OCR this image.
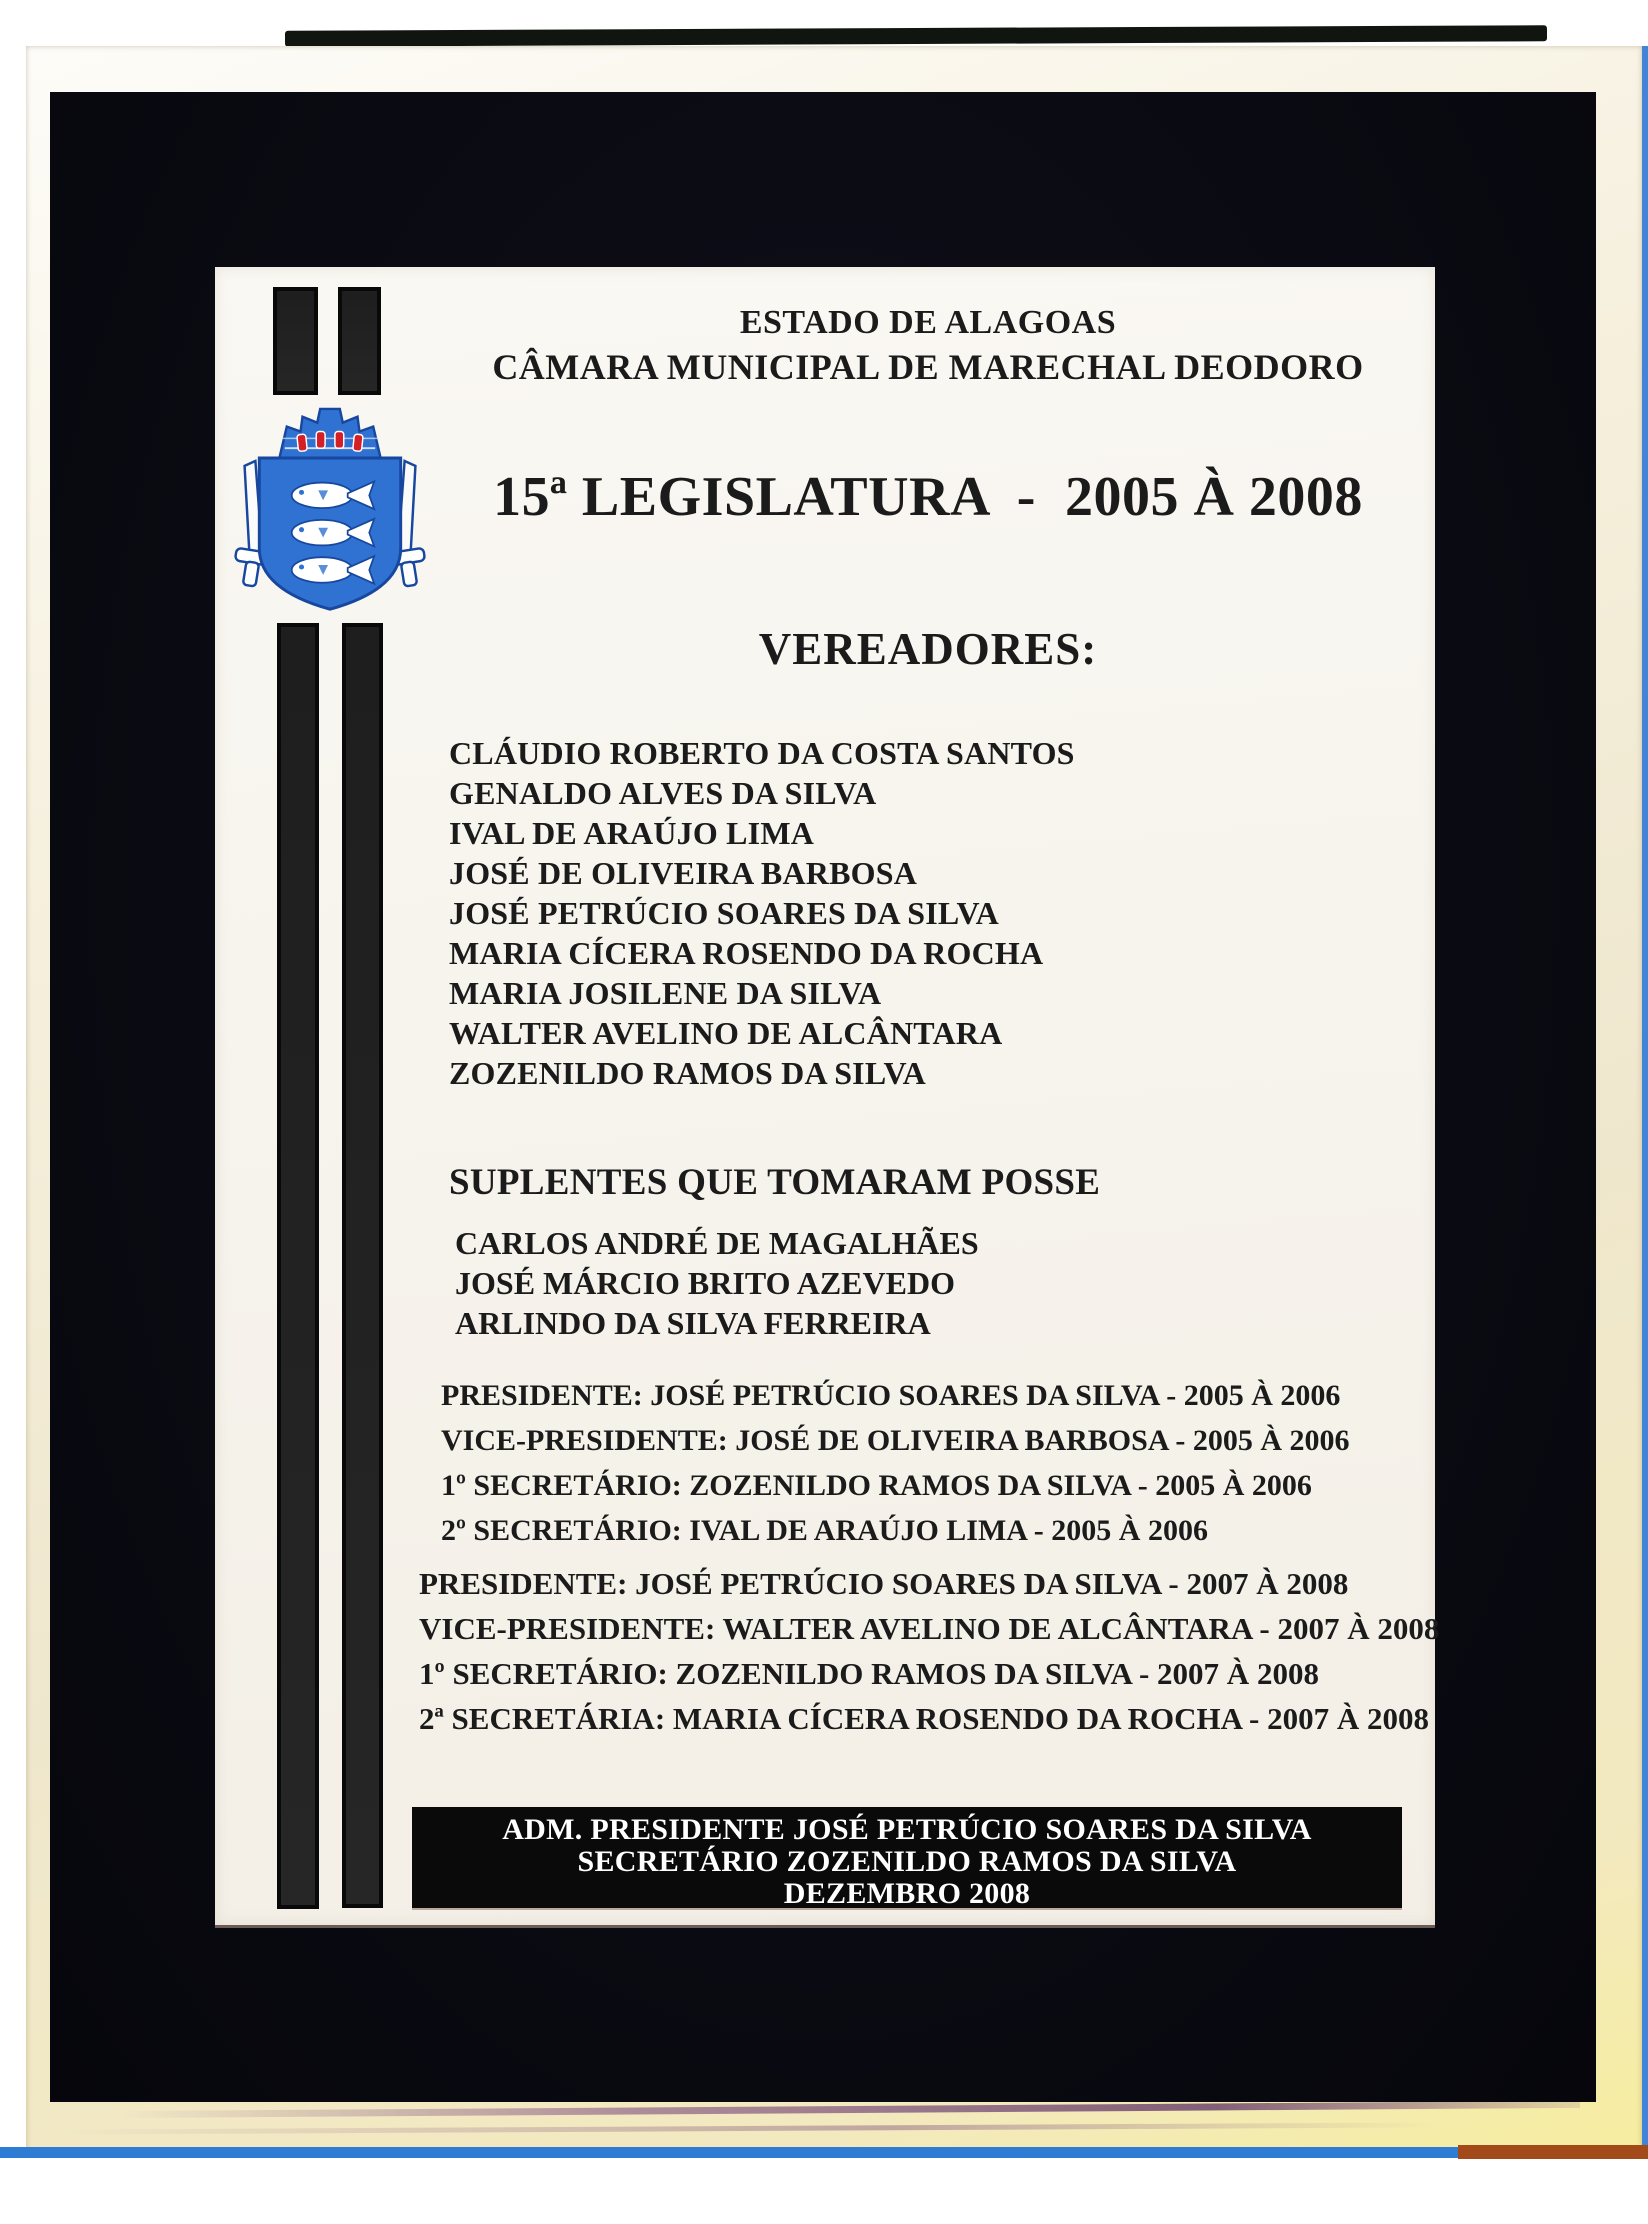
ESTADO DE ALAGOAS
CÂMARA MUNICIPAL DE MARECHAL DEODORO
15ª LEGISLATURA  -  2005 À 2008
VEREADORES:
CLÁUDIO ROBERTO DA COSTA SANTOS
GENALDO ALVES DA SILVA
IVAL DE ARAÚJO LIMA
JOSÉ DE OLIVEIRA BARBOSA
JOSÉ PETRÚCIO SOARES DA SILVA
MARIA CÍCERA ROSENDO DA ROCHA
MARIA JOSILENE DA SILVA
WALTER AVELINO DE ALCÂNTARA
ZOZENILDO RAMOS DA SILVA
SUPLENTES QUE TOMARAM POSSE
CARLOS ANDRÉ DE MAGALHÃES
JOSÉ MÁRCIO BRITO AZEVEDO
ARLINDO DA SILVA FERREIRA
PRESIDENTE: JOSÉ PETRÚCIO SOARES DA SILVA - 2005 À 2006
VICE-PRESIDENTE: JOSÉ DE OLIVEIRA BARBOSA - 2005 À 2006
1º SECRETÁRIO: ZOZENILDO RAMOS DA SILVA - 2005 À 2006
2º SECRETÁRIO: IVAL DE ARAÚJO LIMA - 2005 À 2006
PRESIDENTE: JOSÉ PETRÚCIO SOARES DA SILVA - 2007 À 2008
VICE-PRESIDENTE: WALTER AVELINO DE ALCÂNTARA - 2007 À 2008
1º SECRETÁRIO: ZOZENILDO RAMOS DA SILVA - 2007 À 2008
2ª SECRETÁRIA: MARIA CÍCERA ROSENDO DA ROCHA - 2007 À 2008
ADM. PRESIDENTE JOSÉ PETRÚCIO SOARES DA SILVA
SECRETÁRIO ZOZENILDO RAMOS DA SILVA
DEZEMBRO 2008
